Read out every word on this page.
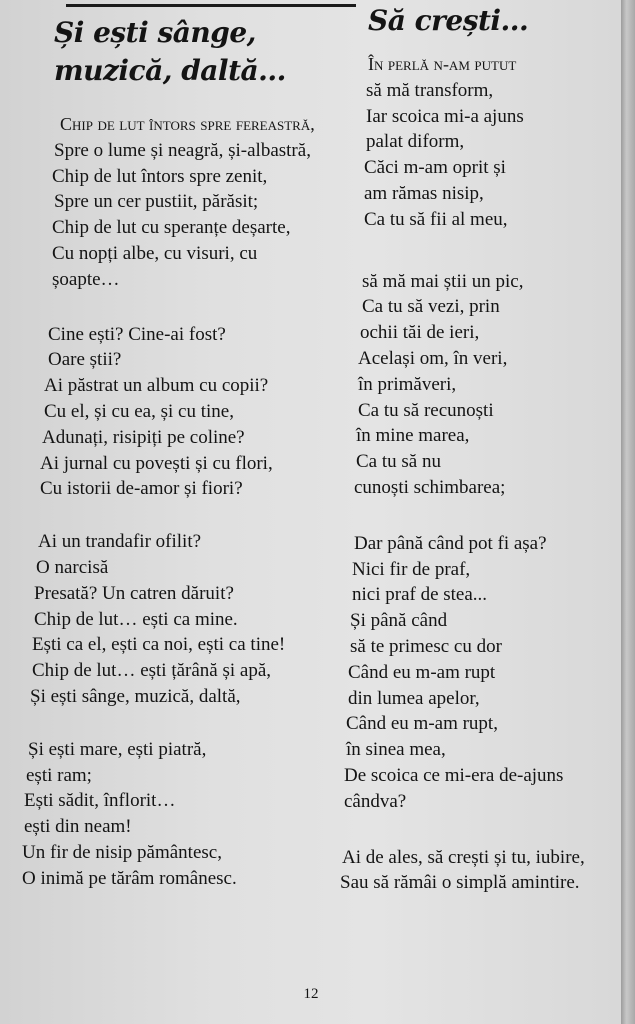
Și ești sânge, muzică, daltă...
Chip de lut întors spre fereastră,
Spre o lume și neagră, și-albastră,
Chip de lut întors spre zenit,
Spre un cer pustiit, părăsit;
Chip de lut cu speranțe deșarte,
Cu nopți albe, cu visuri, cu
șoapte…
Cine ești? Cine-ai fost?
Oare știi?
Ai păstrat un album cu copii?
Cu el, și cu ea, și cu tine,
Adunați, risipiți pe coline?
Ai jurnal cu povești și cu flori,
Cu istorii de-amor și fiori?
Ai un trandafir ofilit?
O narcisă
Presată? Un catren dăruit?
Chip de lut… ești ca mine.
Ești ca el, ești ca noi, ești ca tine!
Chip de lut… ești țărână și apă,
Și ești sânge, muzică, daltă,
Și ești mare, ești piatră,
ești ram;
Ești sădit, înflorit…
ești din neam!
Un fir de nisip pământesc,
O inimă pe tărâm românesc.
Să crești...
În perlă n-am putut
să mă transform,
Iar scoica mi-a ajuns
palat diform,
Căci m-am oprit și
am rămas nisip,
Ca tu să fii al meu,
să mă mai știi un pic,
Ca tu să vezi, prin
ochii tăi de ieri,
Același om, în veri,
în primăveri,
Ca tu să recunoști
în mine marea,
Ca tu să nu
cunoști schimbarea;
Dar până când pot fi așa?
Nici fir de praf,
nici praf de stea...
Și până când
să te primesc cu dor
Când eu m-am rupt
din lumea apelor,
Când eu m-am rupt,
în sinea mea,
De scoica ce mi-era de-ajuns
cândva?
Ai de ales, să crești și tu, iubire,
Sau să rămâi o simplă amintire.
12
